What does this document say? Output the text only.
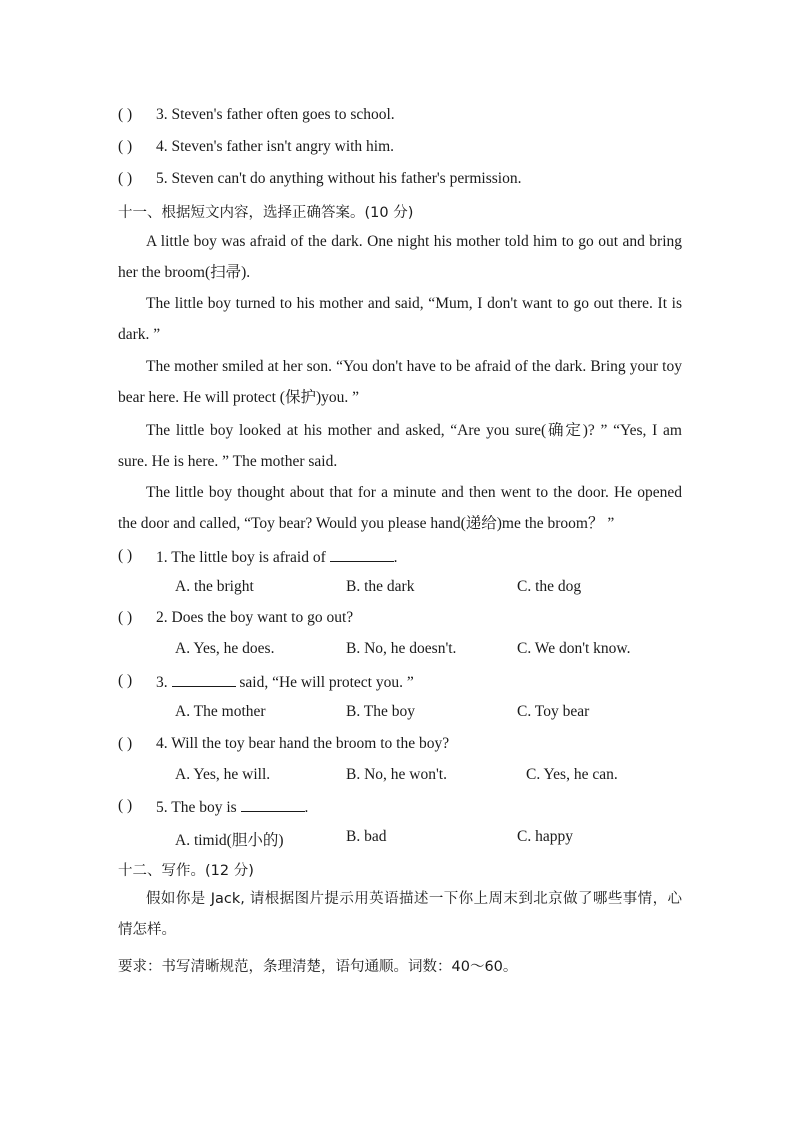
( ) 3. Steven's father often goes to school.
( ) 4. Steven's father isn't angry with him.
( ) 5. Steven can't do anything without his father's permission.
十一、根据短文内容，选择正确答案。(10 分)
A little boy was afraid of the dark. One night his mother told him to go out and bring her the broom(扫帚).
The little boy turned to his mother and said, “Mum, I don't want to go out there. It is dark. ”
The mother smiled at her son. “You don't have to be afraid of the dark. Bring your toy bear here. He will protect (保护)you. ”
The little boy looked at his mother and asked, “Are you sure(确定)? ” “Yes, I am sure. He is here. ” The mother said.
The little boy thought about that for a minute and then went to the door. He opened the door and called, “Toy bear? Would you please hand(递给)me the broom？ ”
( ) 1. The little boy is afraid of	.
A. the bright	B. the dark	C. the dog
( ) 2. Does the boy want to go out?
A. Yes, he does.	B. No, he doesn't.	C. We don't know.
( ) 3.	said, “He will protect you. ”
A. The mother	B. The boy	C. Toy bear
( ) 4. Will the toy bear hand the broom to the boy?
A. Yes, he will.	B. No, he won't.	C. Yes, he can.
( ) 5. The boy is	.
A. timid(胆小的)	B. bad	C. happy
十二、写作。(12 分)
假如你是 Jack, 请根据图片提示用英语描述一下你上周末到北京做了哪些事情，心情怎样。
要求：书写清晰规范，条理清楚，语句通顺。词数：40～60。
